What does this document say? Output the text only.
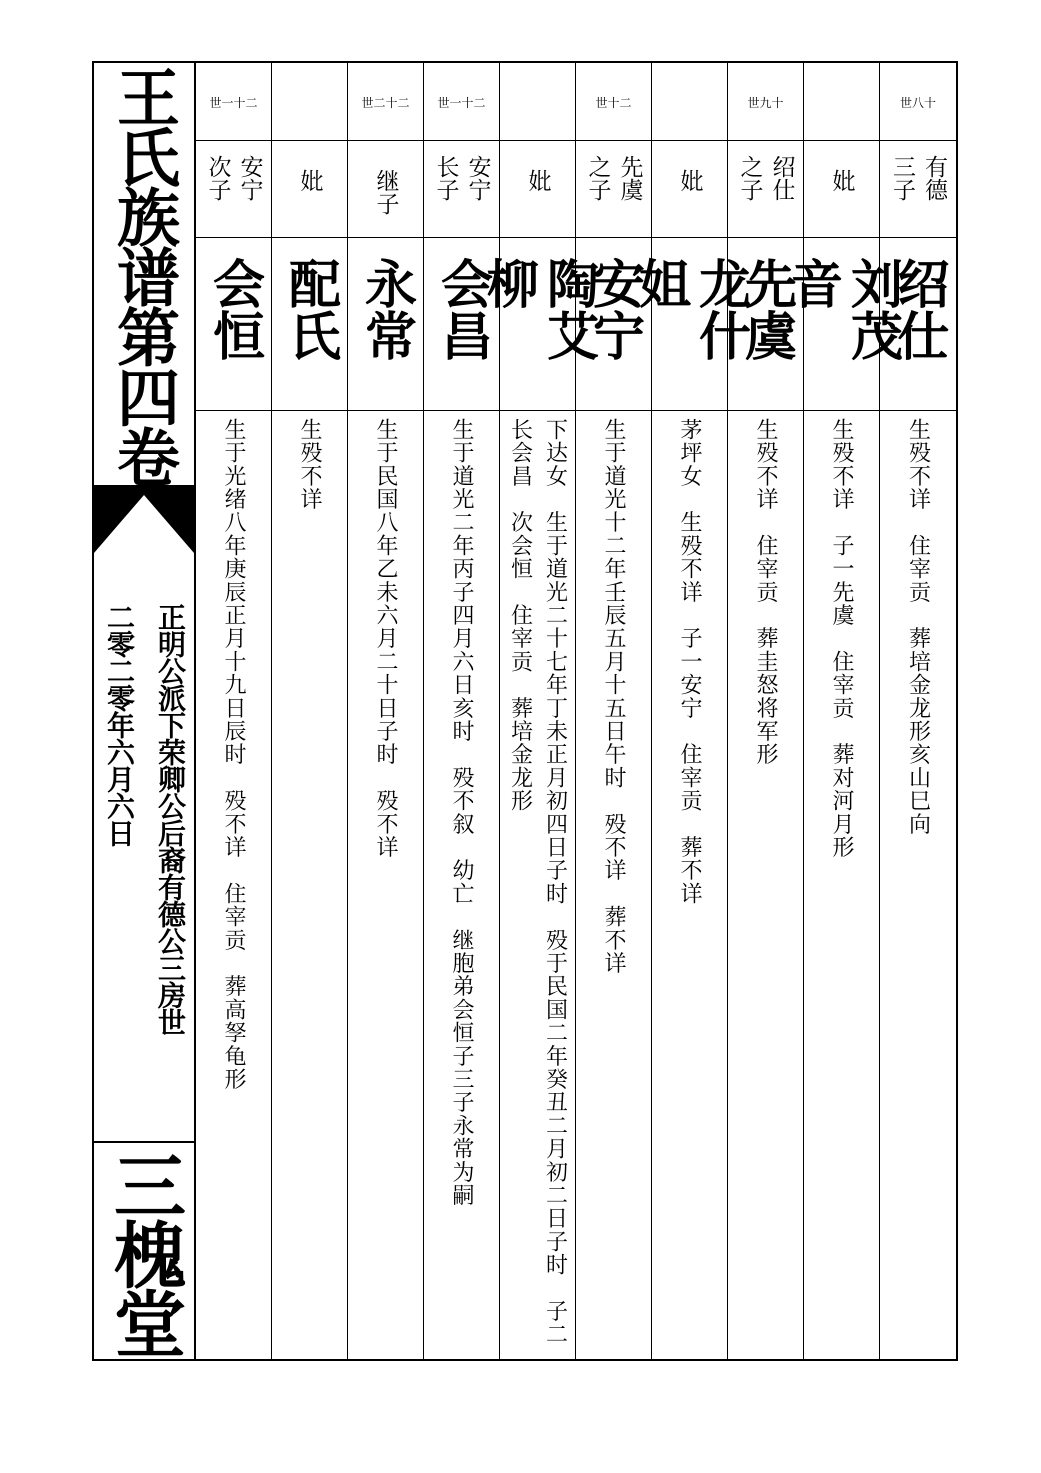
王氏族谱第四卷
正明公派下荣卿公后裔有德公三房世
二零二零年六月六日
三槐堂
世八十
有德
三子
绍仕
生殁不详　住宰贡　葬培金龙形亥山巳向
妣
刘茂音
生殁不详　子一先虞　住宰贡　葬对河月形
世九十
绍仕
之子
先虞
生殁不详　住宰贡　葬圭怒将军形
妣
龙什姐
茅坪女　生殁不详　子一安宁　住宰贡　葬不详
世十二
先虞
之子
安宁
生于道光十二年壬辰五月十五日午时　殁不详　葬不详
妣
陶艾柳
下达女　生于道光二十七年丁未正月初四日子时　殁于民国二年癸丑二月初二日子时　子二长会昌　次会恒　住宰贡　葬培金龙形
世一十二
安宁
长子
会昌
生于道光二年丙子四月六日亥时　殁不叙　幼亡　继胞弟会恒子三子永常为嗣
世二十二
继子
永常
生于民国八年乙未六月二十日子时　殁不详
妣
配氏
生殁不详
世一十二
安宁
次子
会恒
生于光绪八年庚辰正月十九日辰时　殁不详　住宰贡　葬高孥龟形
